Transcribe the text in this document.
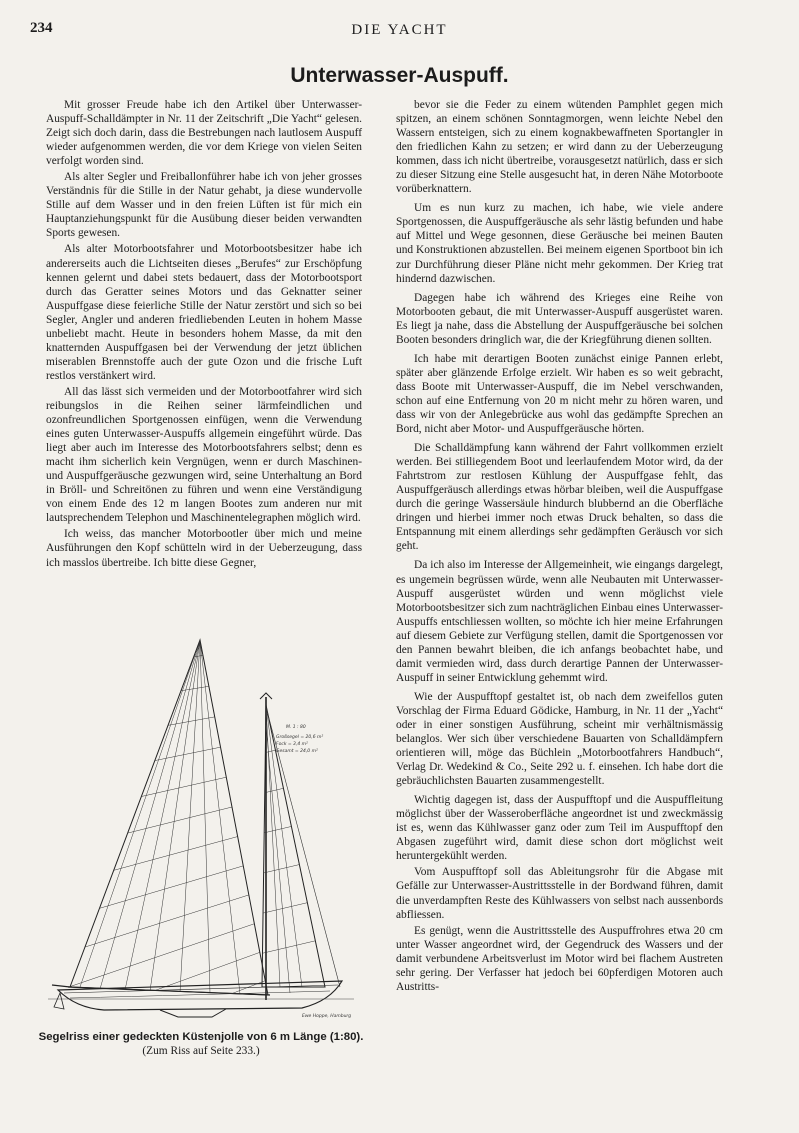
234	DIE YACHT
Unterwasser-Auspuff.

Mit grosser Freude habe ich den Artikel über Unterwasser-Auspuff-Schalldämpter in Nr. 11 der Zeitschrift „Die Yacht“ gelesen. Zeigt sich doch darin, dass die Bestrebungen nach lautlosem Auspuff wieder aufgenommen werden, die vor dem Kriege von vielen Seiten verfolgt worden sind.

Als alter Segler und Freiballonführer habe ich von jeher grosses Verständnis für die Stille in der Natur gehabt, ja diese wundervolle Stille auf dem Wasser und in den freien Lüften ist für mich ein Hauptanziehungspunkt für die Ausübung dieser beiden verwandten Sports gewesen.

Als alter Motorbootsfahrer und Motorbootsbesitzer habe ich andererseits auch die Lichtseiten dieses „Berufes“ zur Erschöpfung kennen gelernt und dabei stets bedauert, dass der Motorbootsport durch das Geratter seines Motors und das Geknatter seiner Auspuffgase diese feierliche Stille der Natur zerstört und sich so bei Segler, Angler und anderen friedliebenden Leuten in hohem Masse unbeliebt macht. Heute in besonders hohem Masse, da mit den knatternden Auspuffgasen bei der Verwendung der jetzt üblichen miserablen Brennstoffe auch der gute Ozon und die frische Luft restlos verstänkert wird.

All das lässt sich vermeiden und der Motorbootfahrer wird sich reibungslos in die Reihen seiner lärmfeindlichen und ozonfreundlichen Sportgenossen einfügen, wenn die Verwendung eines guten Unterwasser-Auspuffs allgemein eingeführt würde. Das liegt aber auch im Interesse des Motorbootsfahrers selbst; denn es macht ihm sicherlich kein Vergnügen, wenn er durch Maschinen- und Auspuffgeräusche gezwungen wird, seine Unterhaltung an Bord in Bröll- und Schreitönen zu führen und wenn eine Verständigung von einem Ende des 12 m langen Bootes zum anderen nur mit lautsprechendem Telephon und Maschinentelegraphen möglich wird.

Ich weiss, das mancher Motorbootler über mich und meine Ausführungen den Kopf schütteln wird in der Ueberzeugung, dass ich masslos übertreibe. Ich bitte diese Gegner,

bevor sie die Feder zu einem wütenden Pamphlet gegen mich spitzen, an einem schönen Sonntagmorgen, wenn leichte Nebel den Wassern entsteigen, sich zu einem kognakbewaffneten Sportangler in den friedlichen Kahn zu setzen; er wird dann zu der Ueberzeugung kommen, dass ich nicht übertreibe, vorausgesetzt natürlich, dass er sich zu dieser Sitzung eine Stelle ausgesucht hat, in deren Nähe Motorboote vorüberknattern.

Um es nun kurz zu machen, ich habe, wie viele andere Sportgenossen, die Auspuffgeräusche als sehr lästig befunden und habe auf Mittel und Wege gesonnen, diese Geräusche bei meinen Bauten und Konstruktionen abzustellen. Bei meinem eigenen Sportboot bin ich zur Durchführung dieser Pläne nicht mehr gekommen. Der Krieg trat hindernd dazwischen.

Dagegen habe ich während des Krieges eine Reihe von Motorbooten gebaut, die mit Unterwasser-Auspuff ausgerüstet waren. Es liegt ja nahe, dass die Abstellung der Auspuffgeräusche bei solchen Booten besonders dringlich war, die der Kriegführung dienen sollten.

Ich habe mit derartigen Booten zunächst einige Pannen erlebt, später aber glänzende Erfolge erzielt. Wir haben es so weit gebracht, dass Boote mit Unterwasser-Auspuff, die im Nebel verschwanden, schon auf eine Entfernung von 20 m nicht mehr zu hören waren, und dass wir von der Anlegebrücke aus wohl das gedämpfte Sprechen an Bord, nicht aber Motor- und Auspuffgeräusche hörten.

Die Schalldämpfung kann während der Fahrt vollkommen erzielt werden. Bei stilliegendem Boot und leerlaufendem Motor wird, da der Fahrtstrom zur restlosen Kühlung der Auspuffgase fehlt, das Auspuffgeräusch allerdings etwas hörbar bleiben, weil die Auspuffgase durch die geringe Wassersäule hindurch blubbernd an die Oberfläche dringen und hierbei immer noch etwas Druck behalten, so dass die Entspannung mit einem allerdings sehr gedämpften Geräusch vor sich geht.

Da ich also im Interesse der Allgemeinheit, wie eingangs dargelegt, es ungemein begrüssen würde, wenn alle Neubauten mit Unterwasser-Auspuff ausgerüstet würden und wenn möglichst viele Motorbootsbesitzer sich zum nachträglichen Einbau eines Unterwasser-Auspuffs entschliessen wollten, so möchte ich hier meine Erfahrungen auf diesem Gebiete zur Verfügung stellen, damit die Sportgenossen vor den Pannen bewahrt bleiben, die ich anfangs beobachtet habe, und damit vermieden wird, dass durch derartige Pannen der Unterwasser-Auspuff in seiner Entwicklung gehemmt wird.

Wie der Auspufftopf gestaltet ist, ob nach dem zweifellos guten Vorschlag der Firma Eduard Gödicke, Hamburg, in Nr. 11 der „Yacht“ oder in einer sonstigen Ausführung, scheint mir verhältnismässig belanglos. Wer sich über verschiedene Bauarten von Schalldämpfern orientieren will, möge das Büchlein „Motorbootfahrers Handbuch“, Verlag Dr. Wedekind & Co., Seite 292 u. f. einsehen. Ich habe dort die gebräuchlichsten Bauarten zusammengestellt.

Wichtig dagegen ist, dass der Auspufftopf und die Auspuffleitung möglichst über der Wasseroberfläche angeordnet ist und zweckmässig ist es, wenn das Kühlwasser ganz oder zum Teil im Auspufftopf den Abgasen zugeführt wird, damit diese schon dort möglichst weit heruntergekühlt werden.

Vom Auspufftopf soll das Ableitungsrohr für die Abgase mit Gefälle zur Unterwasser-Austrittsstelle in der Bordwand führen, damit die unverdampften Reste des Kühlwassers von selbst nach aussenbords abfliessen.

Es genügt, wenn die Austrittsstelle des Auspuffrohres etwa 20 cm unter Wasser angeordnet wird, der Gegendruck des Wassers und der damit verbundene Arbeitsverlust im Motor wird bei flachem Austreten sehr gering. Der Verfasser hat jedoch bei 60pferdigen Motoren auch Austritts-

M. 1 : 80
Großsegel = 20,6 m²
Fock = 3,4 m²
Gesamt = 24,0 m²
Ewe Hoppe, Hamburg
Segelriss einer gedeckten Küstenjolle von 6 m Länge (1:80).
(Zum Riss auf Seite 233.)
